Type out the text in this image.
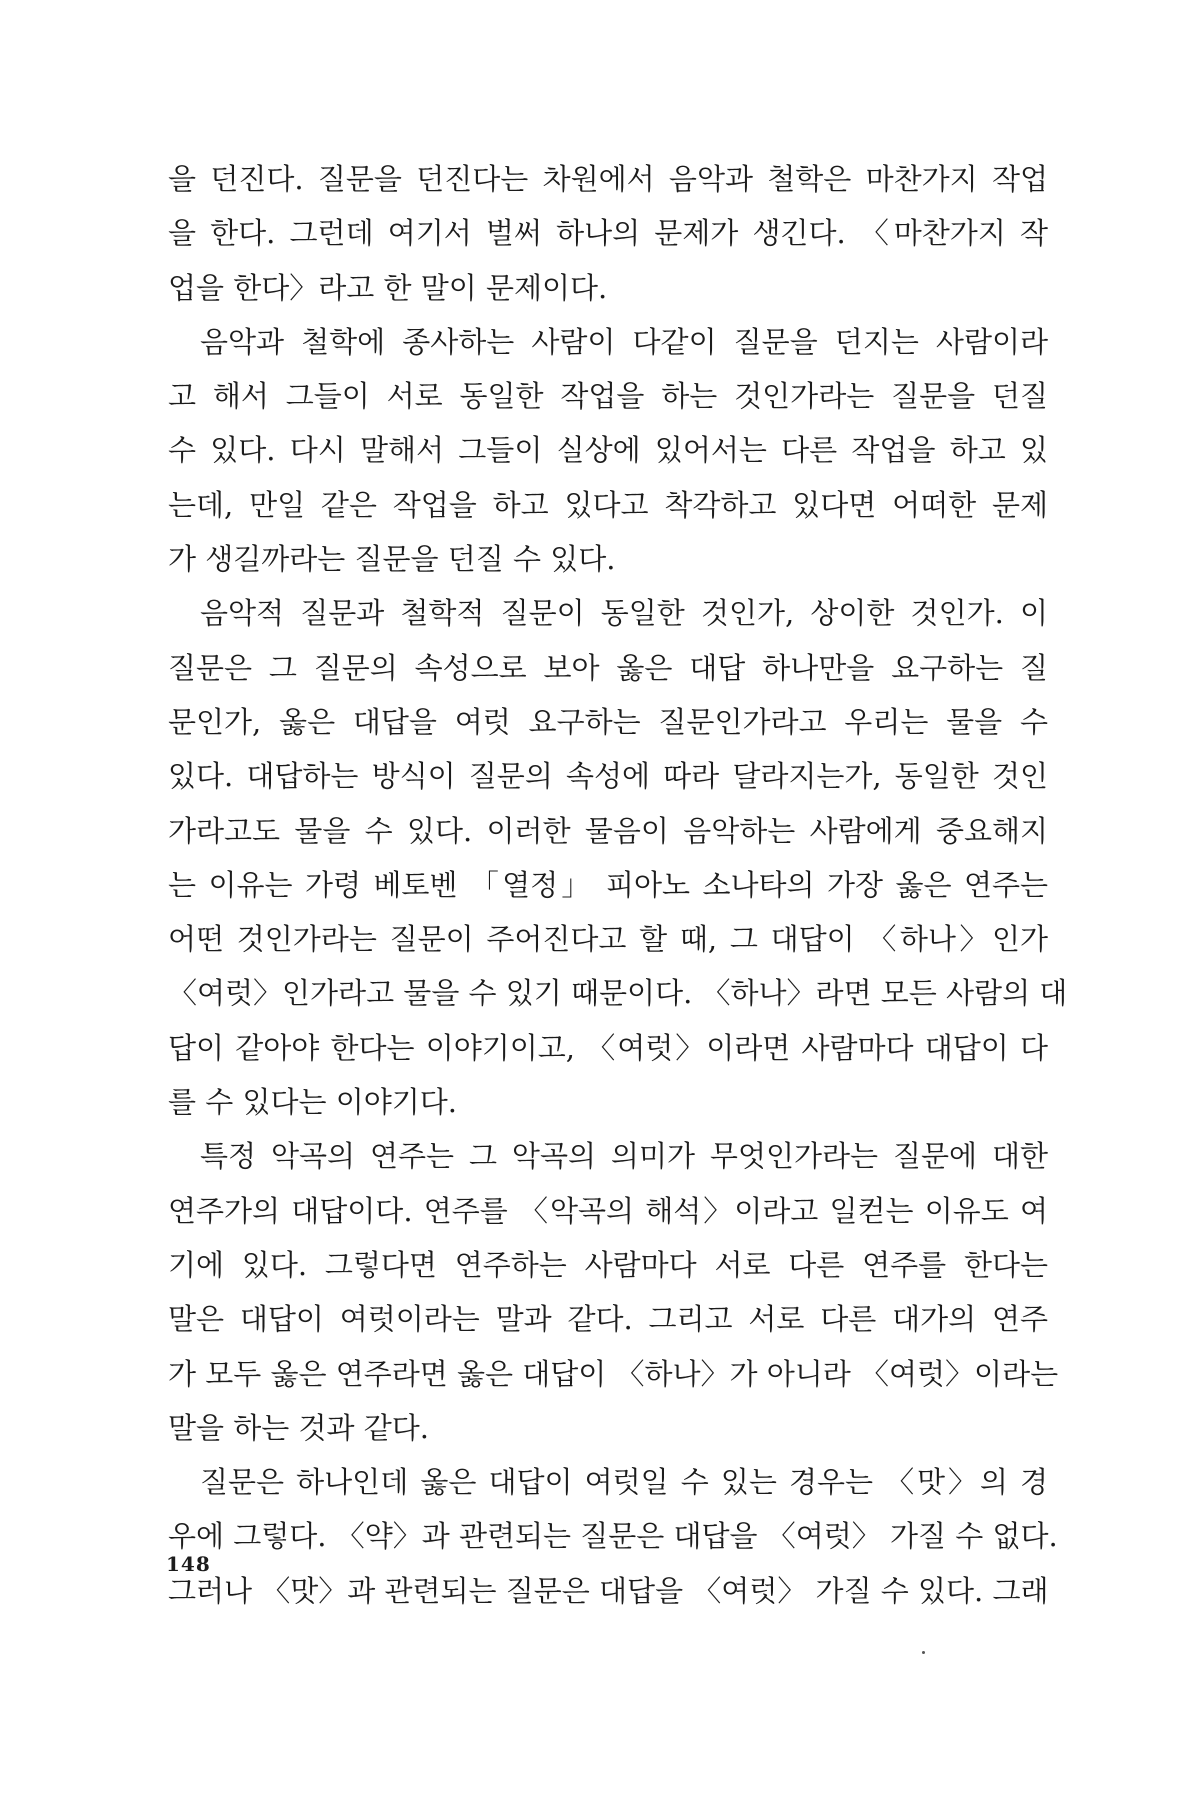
을 던진다. 질문을 던진다는 차원에서 음악과 철학은 마찬가지 작업
을 한다. 그런데 여기서 벌써 하나의 문제가 생긴다. 〈마찬가지 작
업을 한다〉라고 한 말이 문제이다.

음악과 철학에 종사하는 사람이 다같이 질문을 던지는 사람이라
고 해서 그들이 서로 동일한 작업을 하는 것인가라는 질문을 던질
수 있다. 다시 말해서 그들이 실상에 있어서는 다른 작업을 하고 있
는데, 만일 같은 작업을 하고 있다고 착각하고 있다면 어떠한 문제
가 생길까라는 질문을 던질 수 있다.

음악적 질문과 철학적 질문이 동일한 것인가, 상이한 것인가. 이
질문은 그 질문의 속성으로 보아 옳은 대답 하나만을 요구하는 질
문인가, 옳은 대답을 여럿 요구하는 질문인가라고 우리는 물을 수
있다. 대답하는 방식이 질문의 속성에 따라 달라지는가, 동일한 것인
가라고도 물을 수 있다. 이러한 물음이 음악하는 사람에게 중요해지
는 이유는 가령 베토벤 「열정」 피아노 소나타의 가장 옳은 연주는
어떤 것인가라는 질문이 주어진다고 할 때, 그 대답이 〈하나〉인가
〈여럿〉인가라고 물을 수 있기 때문이다. 〈하나〉라면 모든 사람의 대
답이 같아야 한다는 이야기이고, 〈여럿〉이라면 사람마다 대답이 다
를 수 있다는 이야기다.

특정 악곡의 연주는 그 악곡의 의미가 무엇인가라는 질문에 대한
연주가의 대답이다. 연주를 〈악곡의 해석〉이라고 일컫는 이유도 여
기에 있다. 그렇다면 연주하는 사람마다 서로 다른 연주를 한다는
말은 대답이 여럿이라는 말과 같다. 그리고 서로 다른 대가의 연주
가 모두 옳은 연주라면 옳은 대답이 〈하나〉가 아니라 〈여럿〉이라는
말을 하는 것과 같다.

질문은 하나인데 옳은 대답이 여럿일 수 있는 경우는 〈맛〉의 경
우에 그렇다. 〈약〉과 관련되는 질문은 대답을 〈여럿〉 가질 수 없다.
그러나 〈맛〉과 관련되는 질문은 대답을 〈여럿〉 가질 수 있다. 그래

148
